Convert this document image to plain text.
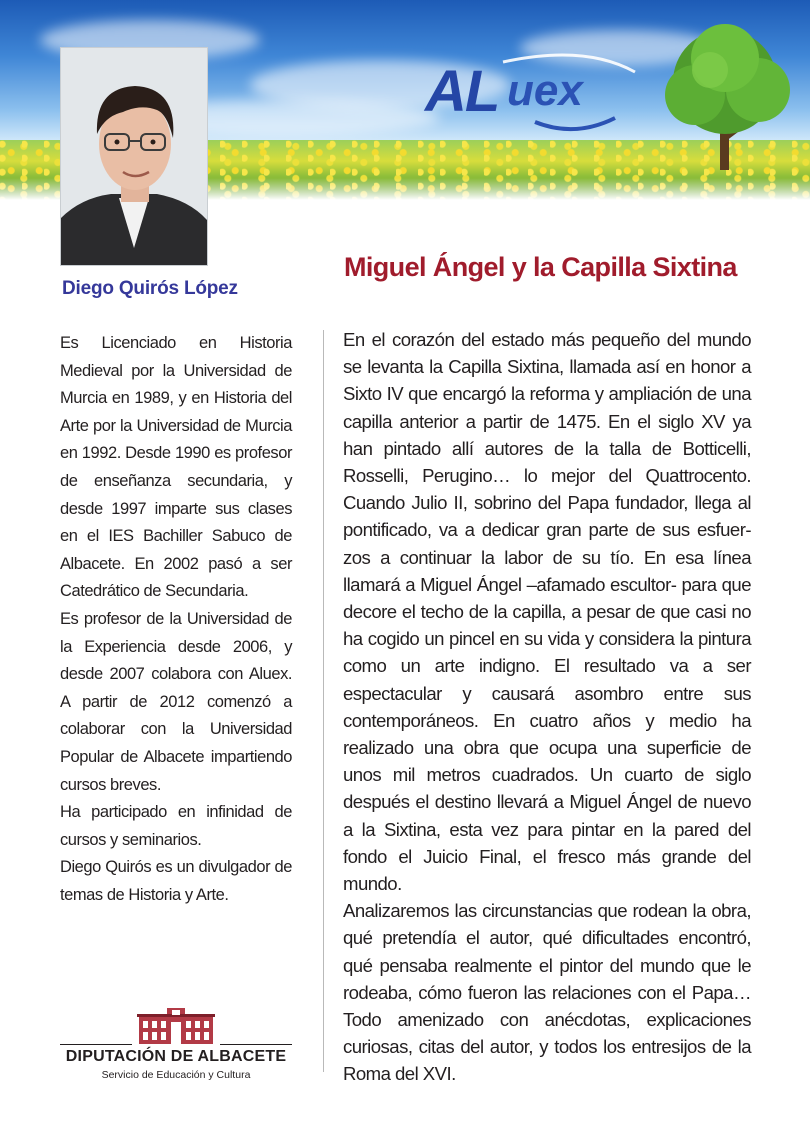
AL uex
Diego Quirós López
Miguel Ángel y la Capilla Sixtina

Es Licenciado en Historia Medieval por la Universidad de Murcia en 1989, y en Historia del Arte por la Universidad de Murcia en 1992. Desde 1990 es profesor de enseñanza secundaria, y desde 1997 imparte sus clases en el IES Bachiller Sabuco de Albacete. En 2002 pasó a ser Catedrático de Secundaria.

Es profesor de la Universidad de la Experiencia desde 2006, y desde 2007 colabora con Aluex. A partir de 2012 comenzó a colaborar con la Universidad Popular de Albacete impartiendo cursos breves.

Ha participado en infinidad de cursos y seminarios.

Diego Quirós es un divulgador de temas de Historia y Arte.

En el corazón del estado más pequeño del mundo se levanta la Capilla Sixtina, llamada así en honor a Sixto IV que encargó la reforma y ampliación de una capilla anterior a partir de 1475. En el siglo XV ya han pintado allí autores de la talla de Botticelli, Rosselli, Perugino… lo mejor del Quattrocento. Cuando Julio II, sobrino del Papa fundador, llega al pontificado, va a dedicar gran parte de sus esfuer-zos a continuar la labor de su tío. En esa línea llamará a Miguel Ángel –afamado escultor- para que decore el techo de la capilla, a pesar de que casi no ha cogido un pincel en su vida y considera la pintura como un arte indigno. El resultado va a ser espectacular y causará asombro entre sus contemporáneos. En cuatro años y medio ha realizado una obra que ocupa una superficie de unos mil metros cuadrados. Un cuarto de siglo después el destino llevará a Miguel Ángel de nuevo a la Sixtina, esta vez para pintar en la pared del fondo el Juicio Final, el fresco más grande del mundo.

Analizaremos las circunstancias que rodean la obra, qué pretendía el autor, qué dificultades encontró, qué pensaba realmente el pintor del mundo que le rodeaba, cómo fueron las relaciones con el Papa… Todo amenizado con anécdotas, explicaciones curiosas, citas del autor, y todos los entresijos de la Roma del XVI.

DIPUTACIÓN DE ALBACETE
Servicio de Educación y Cultura
